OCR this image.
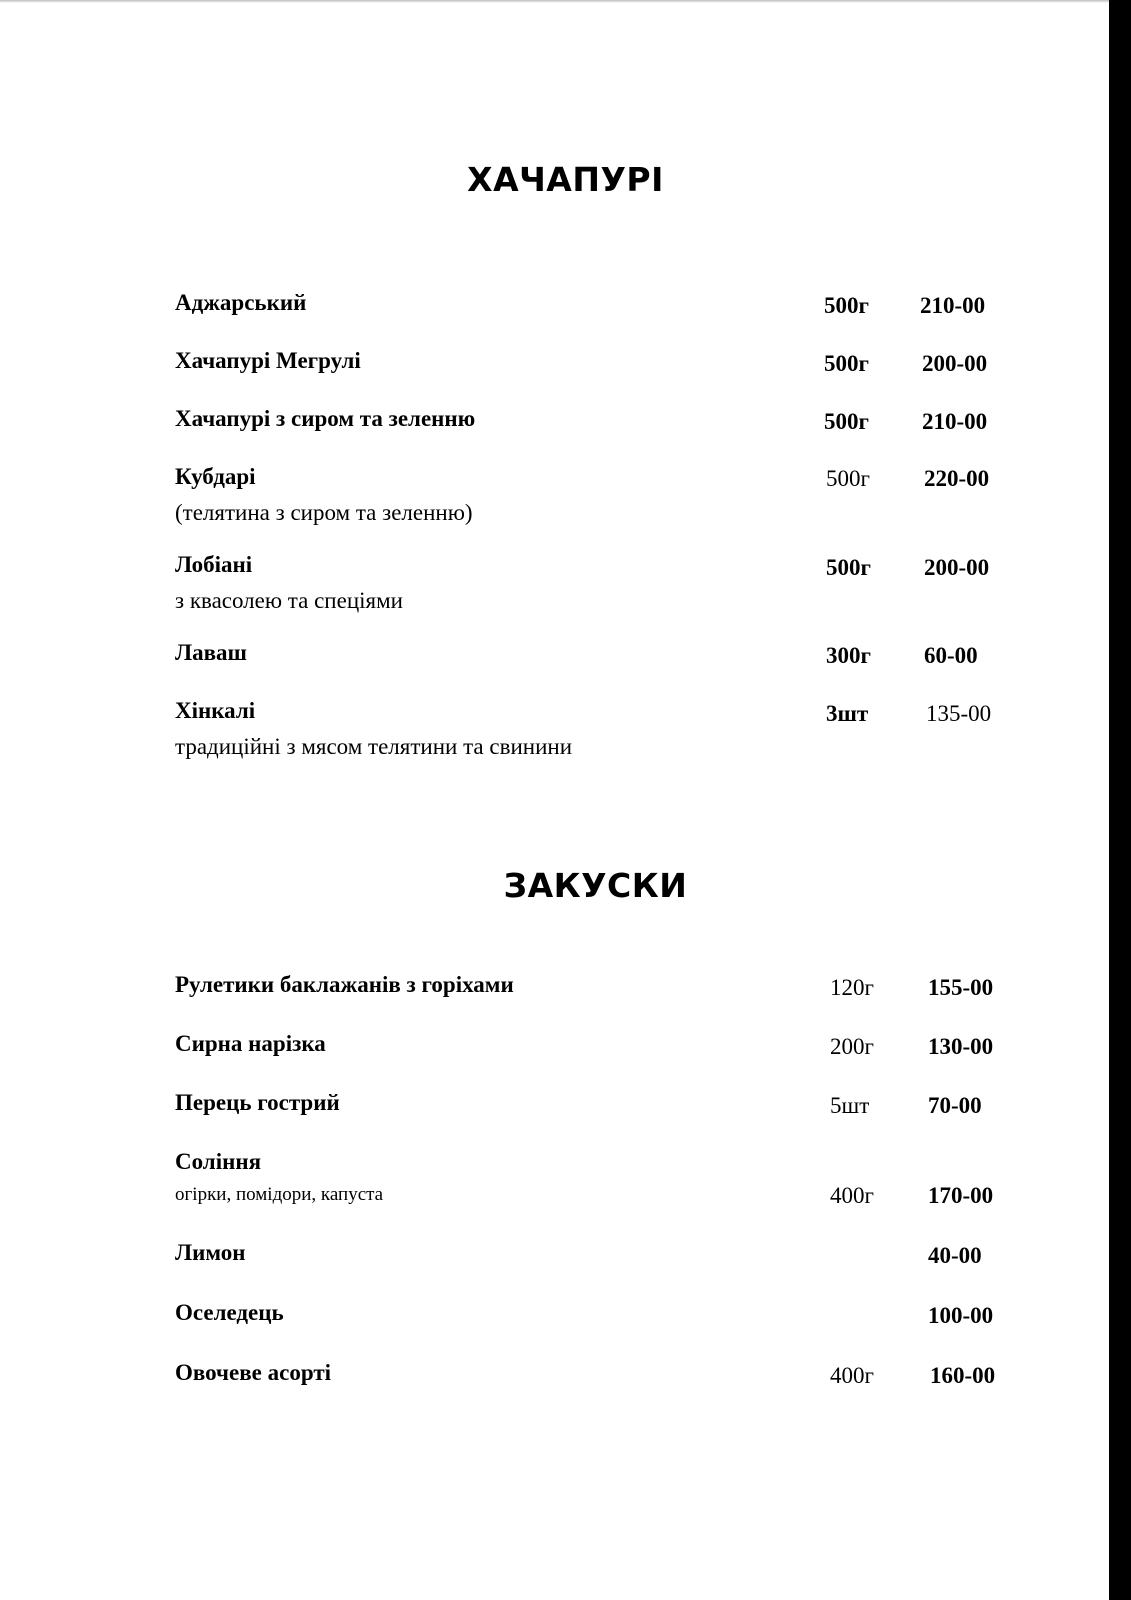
ХАЧАПУРІ
Аджарський	500г 210-00
Хачапурі Мегрулі	500г 200-00
Хачапурі з сиром та зеленню	500г 210-00
Кубдарі
(телятина з сиром та зеленню)
500г 220-00
Лобіані
з квасолею та спеціями
500г 200-00
Лаваш	300г 60-00
Хінкалі
традиційні з мясом телятини та свинини
3шт	135-00
ЗАКУСКИ
Рулетики баклажанів з горіхами	120г 155-00
Сирна нарізка	200г 130-00
Перець гострий	5шт	70-00
Соління
огірки, помідори, капуста	400г 170-00
Лимон	40-00
Оселедець	100-00
Овочеве асорті	400г 160-00
